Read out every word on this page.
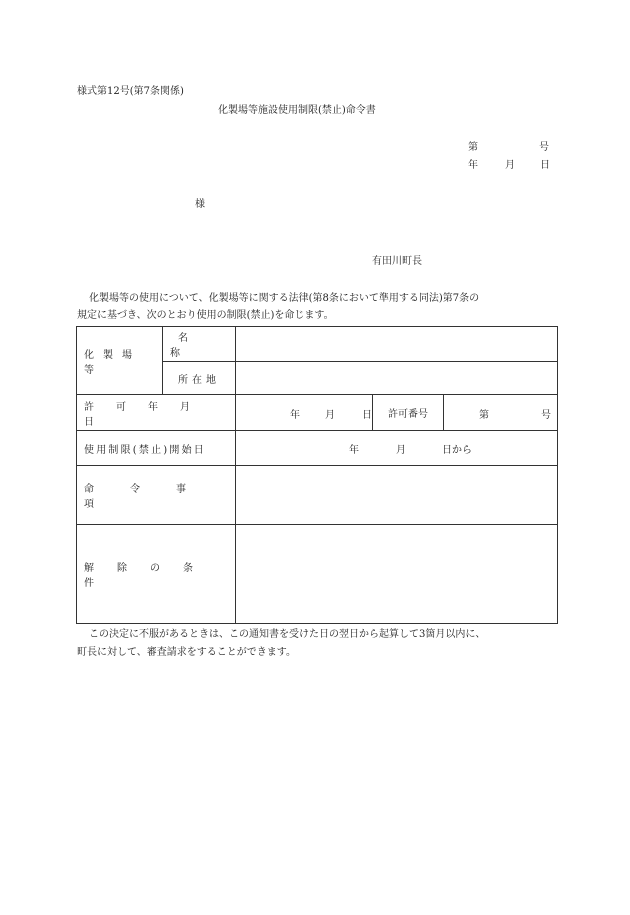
様式第12号(第7条関係)
化製場等施設使用制限(禁止)命令書
第	号
年	月	日
様
有田川町長
化製場等の使用について、化製場等に関する法律(第8条において準用する同法)第7条の
規定に基づき、次のとおり使用の制限(禁止)を命じます。
化製場等	名称			
	所在地			
許可年月日		年 月 日	許可番号	第 号

使用制限(禁止)開始日		年 月 日から		

命令事項				
解除の条件				
この決定に不服があるときは、この通知書を受けた日の翌日から起算して3箇月以内に、
町長に対して、審査請求をすることができます。
